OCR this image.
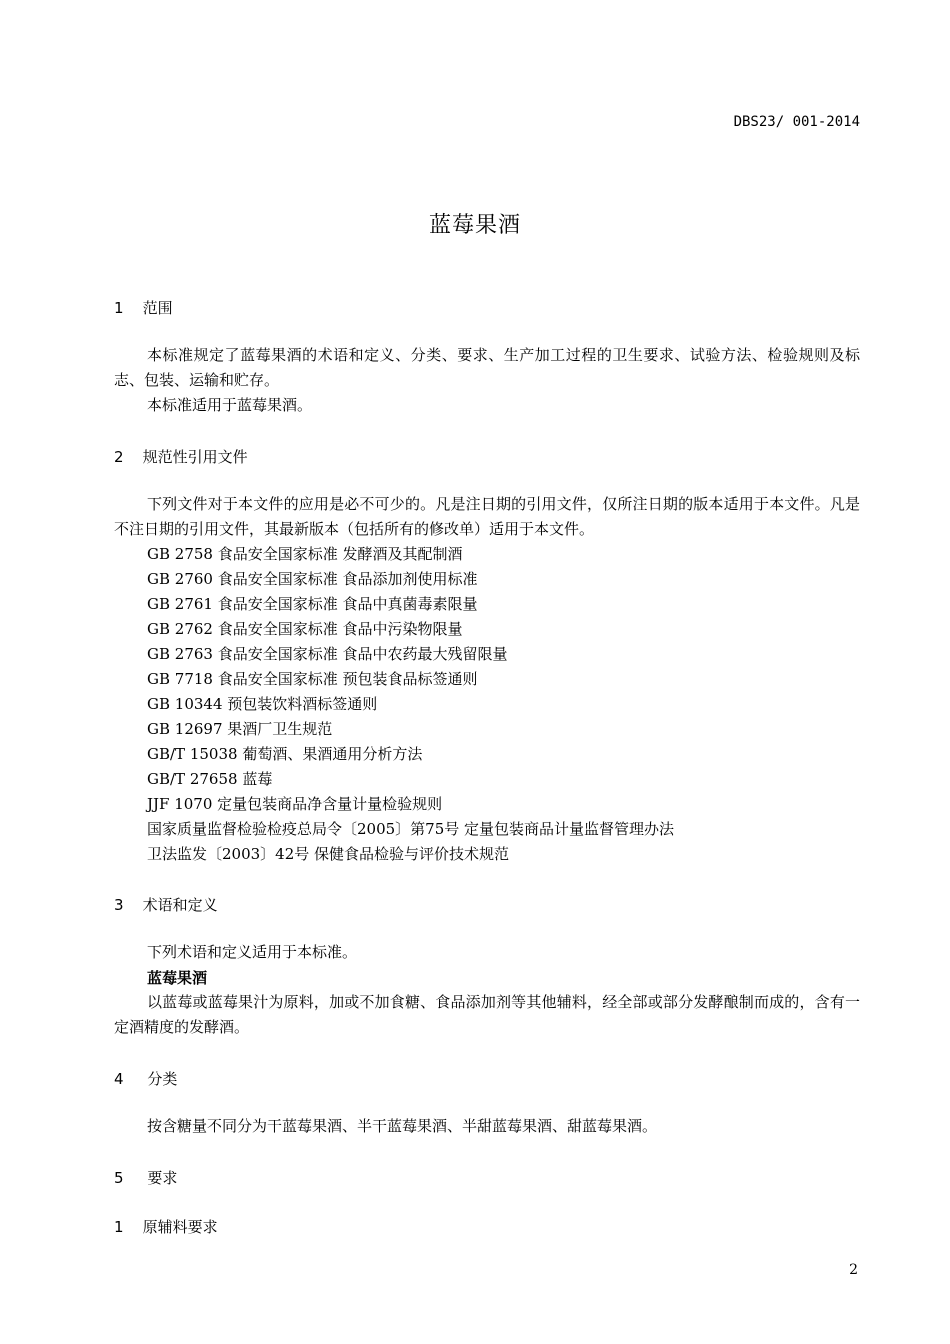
DBS23/ 001-2014
蓝莓果酒
1 范围
本标准规定了蓝莓果酒的术语和定义、分类、要求、生产加工过程的卫生要求、试验方法、检验规则及标志、包装、运输和贮存。
本标准适用于蓝莓果酒。
2 规范性引用文件
下列文件对于本文件的应用是必不可少的。凡是注日期的引用文件，仅所注日期的版本适用于本文件。凡是不注日期的引用文件，其最新版本（包括所有的修改单）适用于本文件。
GB 2758 食品安全国家标准 发酵酒及其配制酒
GB 2760 食品安全国家标准 食品添加剂使用标准
GB 2761 食品安全国家标准 食品中真菌毒素限量
GB 2762 食品安全国家标准 食品中污染物限量
GB 2763 食品安全国家标准 食品中农药最大残留限量
GB 7718 食品安全国家标准 预包装食品标签通则
GB 10344 预包装饮料酒标签通则
GB 12697 果酒厂卫生规范
GB/T 15038 葡萄酒、果酒通用分析方法
GB/T 27658 蓝莓
JJF 1070 定量包装商品净含量计量检验规则
国家质量监督检验检疫总局令〔2005〕第75号 定量包装商品计量监督管理办法
卫法监发〔2003〕42号 保健食品检验与评价技术规范
3 术语和定义
下列术语和定义适用于本标准。
蓝莓果酒
以蓝莓或蓝莓果汁为原料，加或不加食糖、食品添加剂等其他辅料，经全部或部分发酵酿制而成的，含有一定酒精度的发酵酒。
4 分类
按含糖量不同分为干蓝莓果酒、半干蓝莓果酒、半甜蓝莓果酒、甜蓝莓果酒。
5 要求
1 原辅料要求
2
